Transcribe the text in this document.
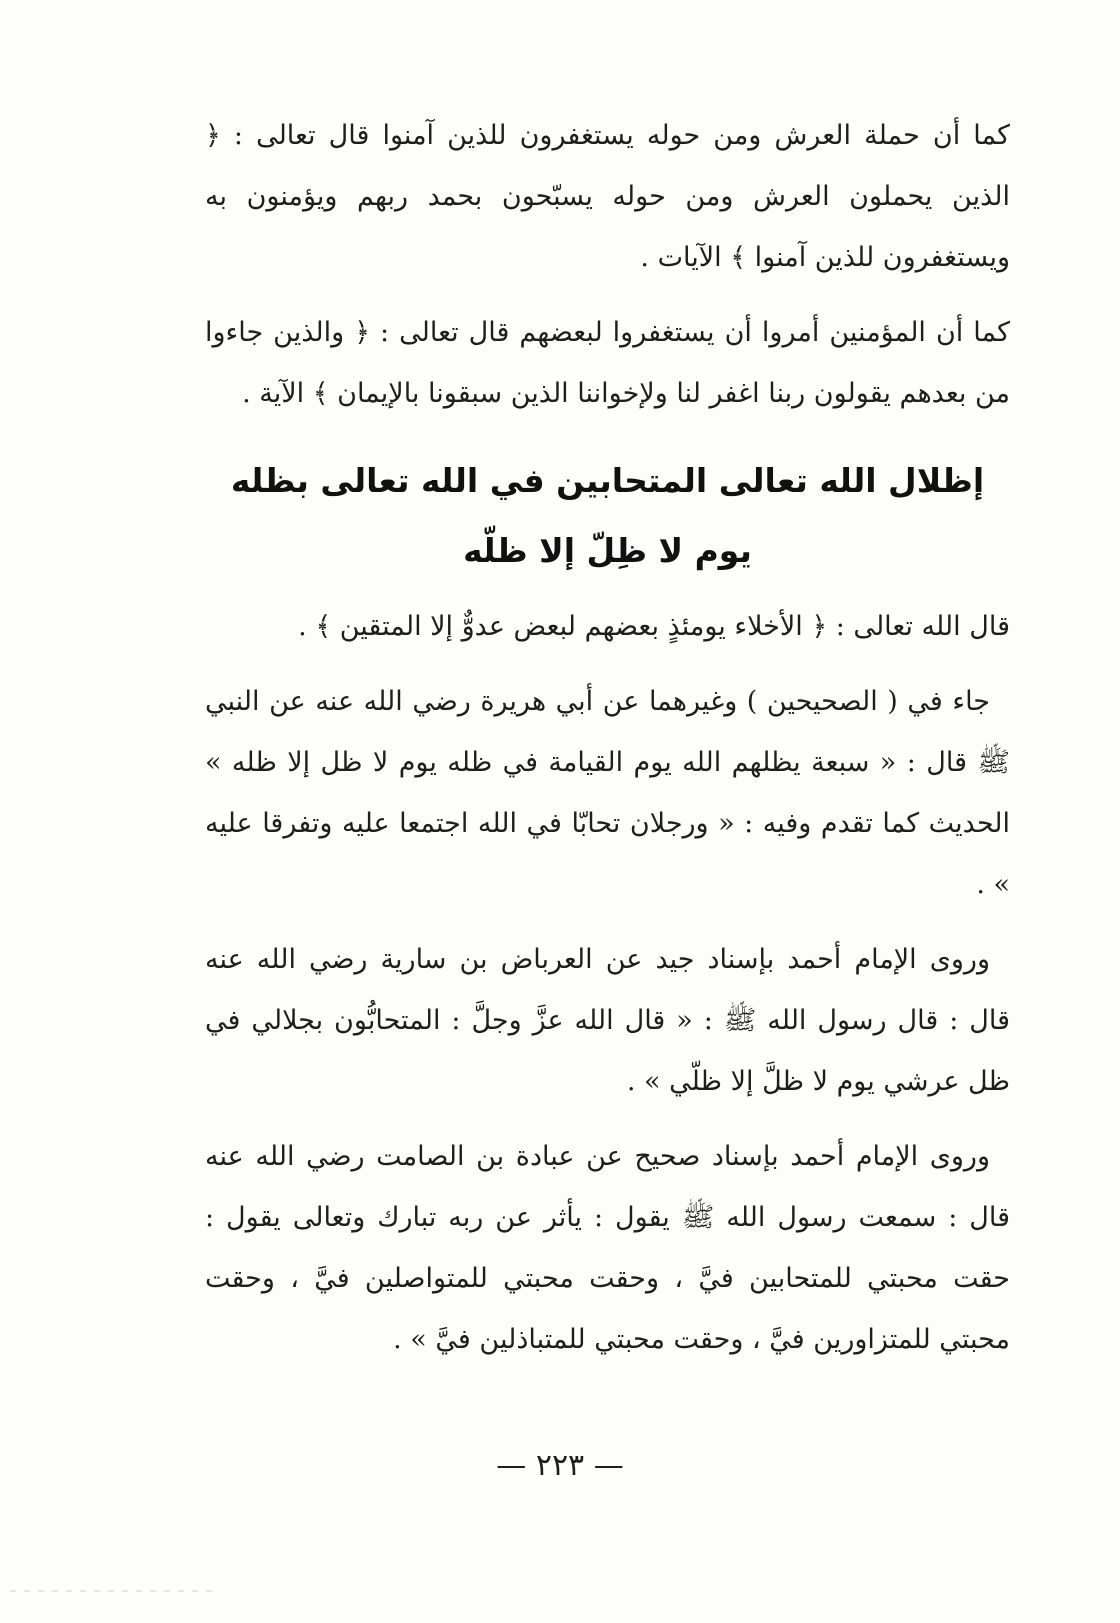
كما أن حملة العرش ومن حوله يستغفرون للذين آمنوا قال تعالى : ﴿ الذين يحملون العرش ومن حوله يسبّحون بحمد ربهم ويؤمنون به ويستغفرون للذين آمنوا ﴾ الآيات .

كما أن المؤمنين أمروا أن يستغفروا لبعضهم قال تعالى : ﴿ والذين جاءوا من بعدهم يقولون ربنا اغفر لنا ولإخواننا الذين سبقونا بالإيمان ﴾ الآية .

إظلال الله تعالى المتحابين في الله تعالى بظله
يوم لا ظِلّ إلا ظلّه

قال الله تعالى : ﴿ الأخلاء يومئذٍ بعضهم لبعض عدوٌّ إلا المتقين ﴾ .

جاء في ( الصحيحين ) وغيرهما عن أبي هريرة رضي الله عنه عن النبي ﷺ قال : « سبعة يظلهم الله يوم القيامة في ظله يوم لا ظل إلا ظله » الحديث كما تقدم وفيه : « ورجلان تحابّا في الله اجتمعا عليه وتفرقا عليه » .

وروى الإمام أحمد بإسناد جيد عن العرباض بن سارية رضي الله عنه قال : قال رسول الله ﷺ : « قال الله عزَّ وجلَّ : المتحابُّون بجلالي في ظل عرشي يوم لا ظلَّ إلا ظلّي » .

وروى الإمام أحمد بإسناد صحيح عن عبادة بن الصامت رضي الله عنه قال : سمعت رسول الله ﷺ يقول : يأثر عن ربه تبارك وتعالى يقول : حقت محبتي للمتحابين فيَّ ، وحقت محبتي للمتواصلين فيَّ ، وحقت محبتي للمتزاورين فيَّ ، وحقت محبتي للمتباذلين فيَّ » .

— ٢٢٣ —
